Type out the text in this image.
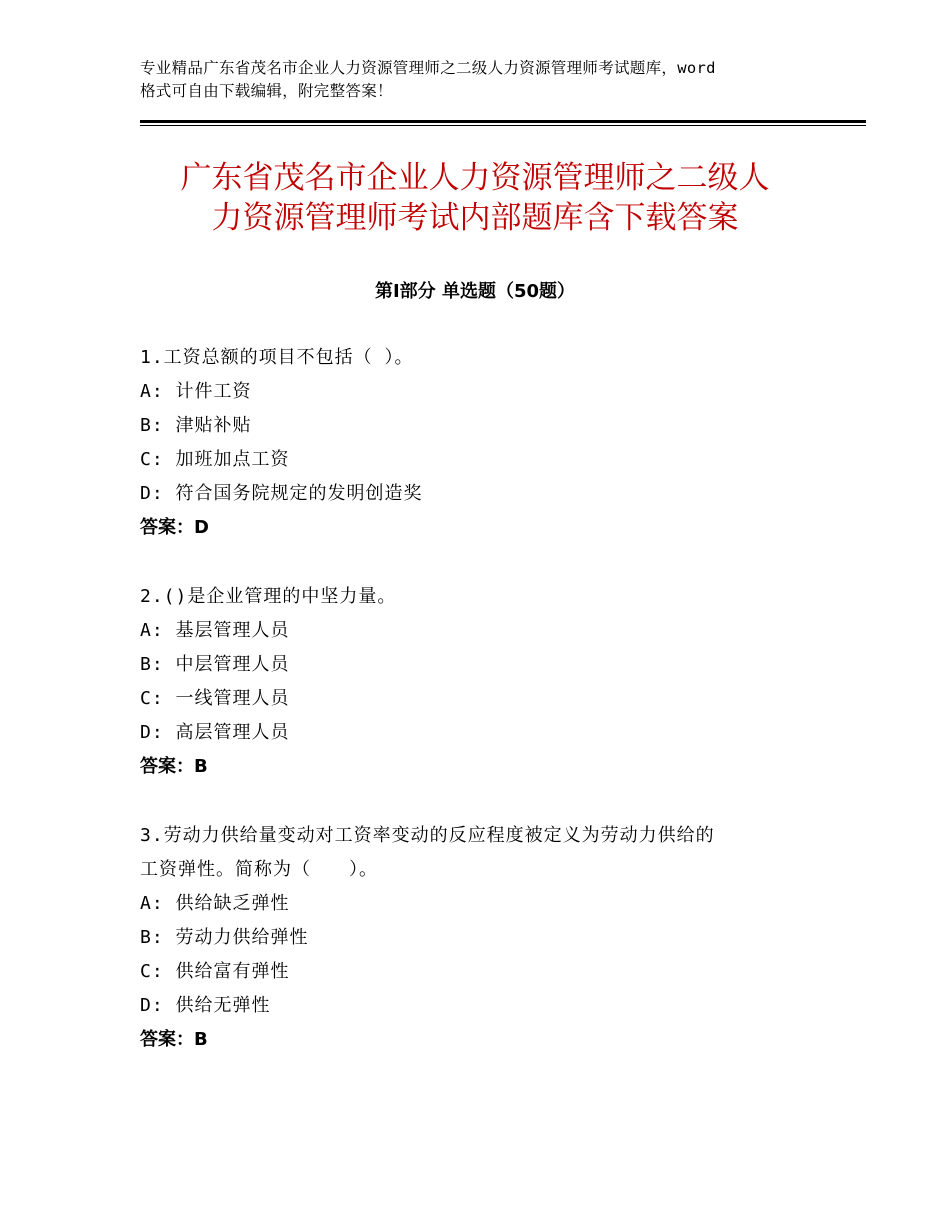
专业精品广东省茂名市企业人力资源管理师之二级人力资源管理师考试题库，word
格式可自由下载编辑，附完整答案！
广东省茂名市企业人力资源管理师之二级人
力资源管理师考试内部题库含下载答案
第Ⅰ部分 单选题（50题）
1.工资总额的项目不包括（ ）。
A: 计件工资
B: 津贴补贴
C: 加班加点工资
D: 符合国务院规定的发明创造奖
答案：D
2.()是企业管理的中坚力量。
A: 基层管理人员
B: 中层管理人员
C: 一线管理人员
D: 高层管理人员
答案：B
3.劳动力供给量变动对工资率变动的反应程度被定义为劳动力供给的
工资弹性。简称为（　　）。
A: 供给缺乏弹性
B: 劳动力供给弹性
C: 供给富有弹性
D: 供给无弹性
答案：B
